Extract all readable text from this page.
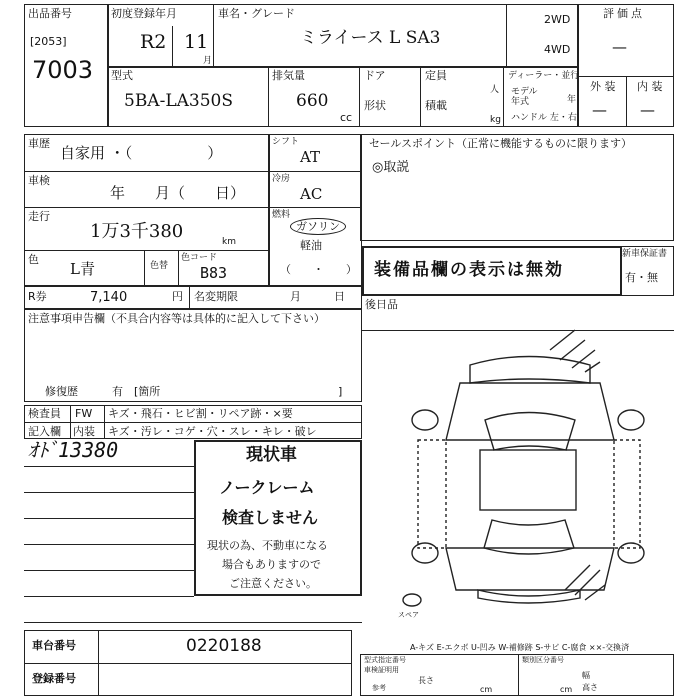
出品番号
[2053]
7003
初度登録年月
R2 11
月
車名・グレード
ミライース L SA3
2WD
4WD
評価点
—
外 装 内 装
— —
型式
5BA-LA350S
排気量
660
cc
ドア
形状
定員
人
積載
kg
ディーラー・並行
モデル
年式	年
ハンドル 左・右
車歴
自家用 ・（　　　　　）
車検
年　　月（　　日）
走行
1万3千380	km
色
L青	色替
色コード
B83
シフト
AT
冷房
AC
燃料
ガソリン
軽油
（　　・　　）
セールスポイント（正常に機能するものに限ります）
◎取説
装備品欄の表示は無効
新車保証書
有・無
R券	7,140	円 名変期限	月　　　日
後日品
注意事項申告欄（不具合内容等は具体的に記入して下さい）
修復歴	有　[箇所	]
検査員 FW キズ・飛石・ヒビ割・リペア跡・×要
記入欄 内装 キズ・汚レ・コゲ・穴・スレ・キレ・破レ
ｵﾄﾞ13380	現状車
ノークレーム
検査しません
現状の為、不動車になる
場合もありますので
ご注意ください。
スペア
A-キズ E-エクボ U-凹み W-補修跡 S-サビ C-腐食 ××-交換済
車台番号	0220188
登録番号
型式指定番号
車検証明用
参考
長さ
cm
類別区分番号
幅
高さ
cm
